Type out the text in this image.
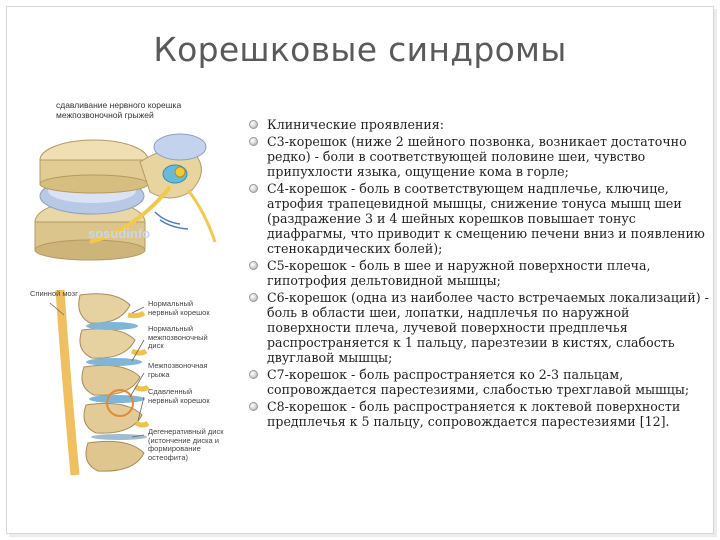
Корешковые синдромы
сдавливание нервного корешка межпозвоночной грыжей
sosudinfo
Спинной мозг
Нормальный нервный корешок
Нормальный межпозвоночный диск
Межпозвоночная грыжа
Сдавленный нервный корешок
Дегенеративный диск (истончение диска и формирование остеофита)
Клинические проявления:
С3-корешок (ниже 2 шейного позвонка, возникает достаточно редко) - боли в соответствующей половине шеи, чувство припухлости языка, ощущение кома в горле;
С4-корешок - боль в соответствующем надплечье, ключице, атрофия трапецевидной мышцы, снижение тонуса мышц шеи (раздражение 3 и 4 шейных корешков повышает тонус диафрагмы, что приводит к смещению печени вниз и появлению стенокардических болей);
С5-корешок - боль в шее и наружной поверхности плеча, гипотрофия дельтовидной мышцы;
С6-корешок (одна из наиболее часто встречаемых локализаций) - боль в области шеи, лопатки, надплечья по наружной поверхности плеча, лучевой поверхности предплечья распространяется к 1 пальцу, парезтезии в кистях, слабость двуглавой мышцы;
С7-корешок - боль распространяется ко 2-3 пальцам, сопровождается парестезиями, слабостью трехглавой мышцы;
С8-корешок - боль распространяется к локтевой поверхности предплечья к 5 пальцу, сопровождается парестезиями [12].
